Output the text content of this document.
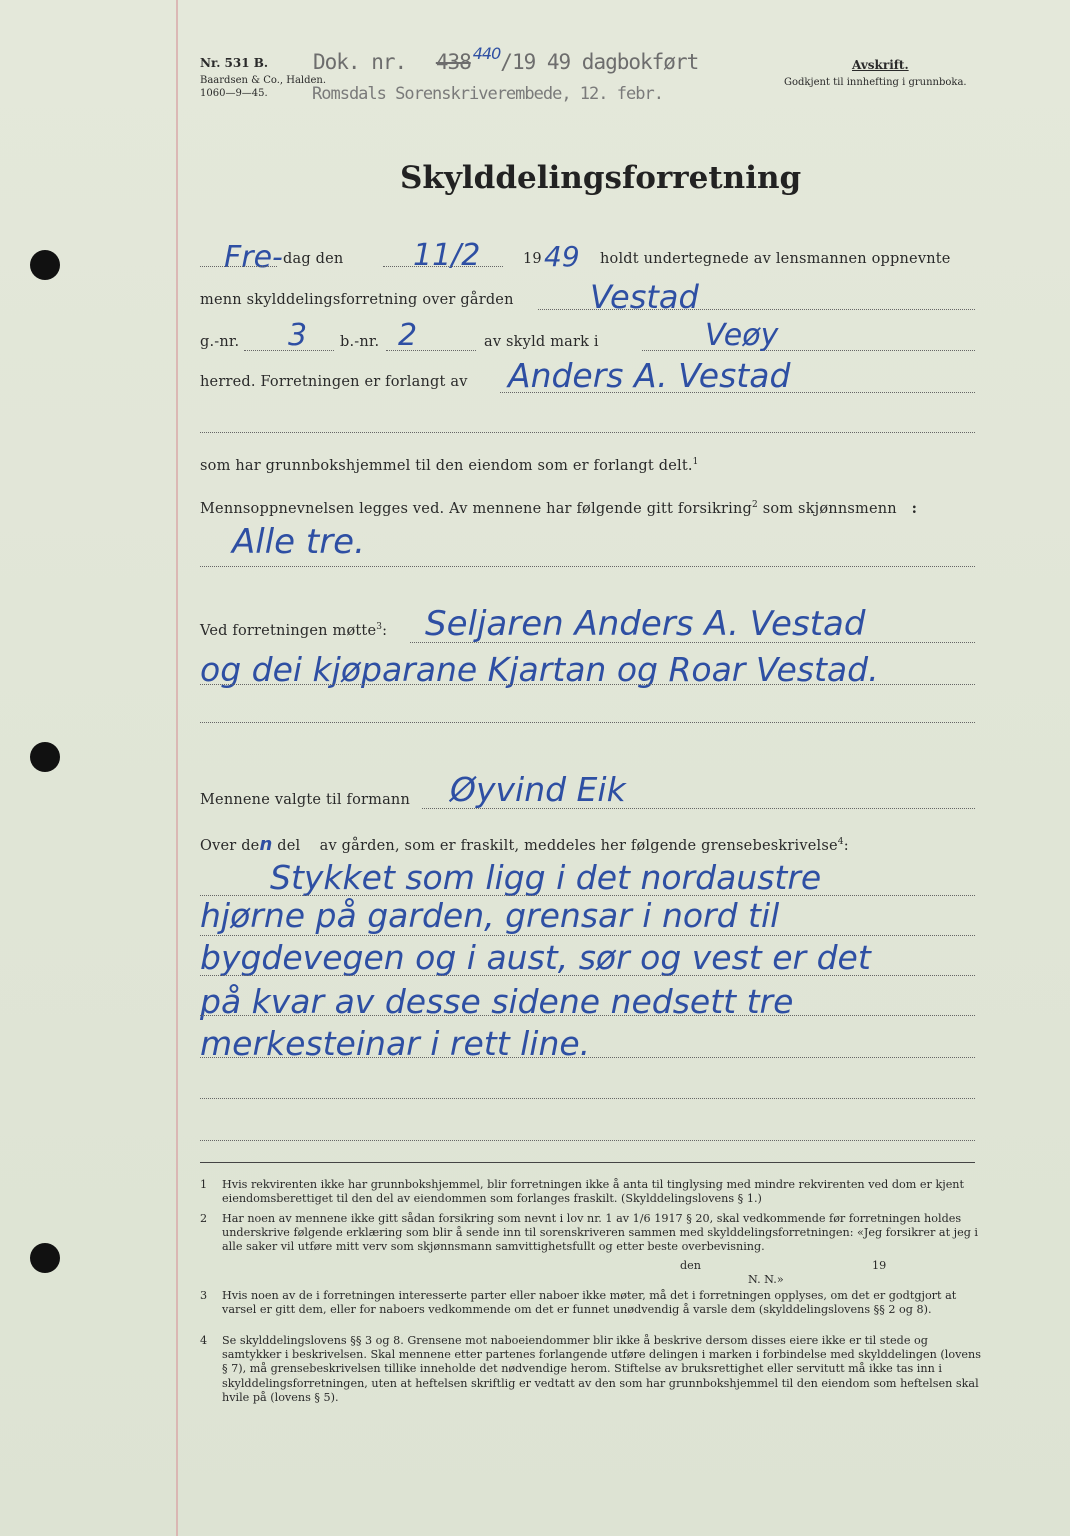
Nr. 531 B.
Baardsen & Co., Halden.
1060—9—45.
Dok. nr. 438 $^{440}$/19 49 dagbokført
Romsdals Sorenskriverembede, 12. febr.
Avskrift.
Godkjent til innhefting i grunnboka.
Skylddelingsforretning
Fre- dag den 11/2	19 49 holdt undertegnede av lensmannen oppnevnte
menn skylddelingsforretning over gården Vestad
g.-nr. 3 b.-nr. 2	av skyld mark i	Veøy
herred. Forretningen er forlangt av Anders A. Vestad
som har grunnbokshjemmel til den eiendom som er forlangt delt.$^1$
Mennsoppnevnelsen legges ved. Av mennene har følgende gitt forsikring$^2$ som skjønnsmenn :
Alle tre.
Ved forretningen møtte$^3$: Seljaren Anders A. Vestad
og dei kjøparane Kjartan og Roar Vestad.
Mennene valgte til formann Øyvind Eik
Over den del    av gården, som er fraskilt, meddeles her følgende grensebeskrivelse$^4$:
Stykket som ligg i det nordaustre
hjørne på garden, grensar i nord til
bygdevegen og i aust, sør og vest er det
på kvar av desse sidene nedsett tre
merkesteinar i rett line.
1 Hvis rekvirenten ikke har grunnbokshjemmel, blir forretningen ikke å anta til tinglysing med mindre rekvirenten ved dom er kjent eiendomsberettiget til den del av eiendommen som forlanges fraskilt. (Skylddelingslovens § 1.)
2 Har noen av mennene ikke gitt sådan forsikring som nevnt i lov nr. 1 av 1/6 1917 § 20, skal vedkommende før forretningen holdes underskrive følgende erklæring som blir å sende inn til sorenskriveren sammen med skylddelingsforretningen: «Jeg forsikrer at jeg i alle saker vil utføre mitt verv som skjønnsmann samvittighetsfullt og etter beste overbevisning.
den	19
N. N.»
3 Hvis noen av de i forretningen interesserte parter eller naboer ikke møter, må det i forretningen opplyses, om det er godtgjort at varsel er gitt dem, eller for naboers vedkommende om det er funnet unødvendig å varsle dem (skylddelingslovens §§ 2 og 8).
4 Se skylddelingslovens §§ 3 og 8. Grensene mot naboeiendommer blir ikke å beskrive dersom disses eiere ikke er til stede og samtykker i beskrivelsen. Skal mennene etter partenes forlangende utføre delingen i marken i forbindelse med skylddelingen (lovens § 7), må grensebeskrivelsen tillike inneholde det nødvendige herom. Stiftelse av bruksrettighet eller servitutt må ikke tas inn i skylddelingsforretningen, uten at heftelsen skriftlig er vedtatt av den som har grunnbokshjemmel til den eiendom som heftelsen skal hvile på (lovens § 5).
